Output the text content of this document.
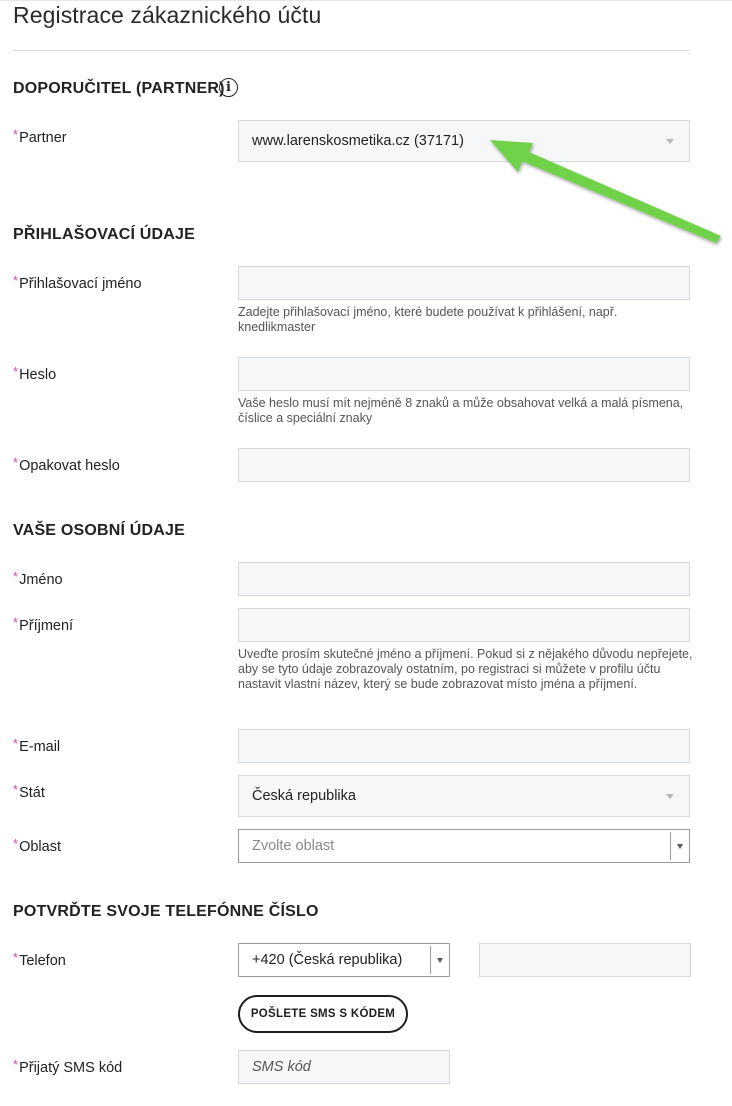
Registrace zákaznického účtu
DOPORUČITEL (PARTNER) i
*Partner	www.larenskosmetika.cz (37171)
PŘIHLAŠOVACÍ ÚDAJE
*Přihlašovací jméno
Zadejte přihlašovací jméno, které budete používat k přihlášení, např. knedlikmaster
*Heslo
Vaše heslo musí mít nejméně 8 znaků a může obsahovat velká a malá písmena, číslice a speciální znaky
*Opakovat heslo
VAŠE OSOBNÍ ÚDAJE
*Jméno
*Příjmení
Uveďte prosím skutečné jméno a příjmení. Pokud si z nějakého důvodu nepřejete, aby se tyto údaje zobrazovaly ostatním, po registraci si můžete v profilu účtu nastavit vlastní název, který se bude zobrazovat místo jména a příjmení.
*E-mail
*Stát	Česká republika
*Oblast	Zvolte oblast
POTVRĎTE SVOJE TELEFÓNNE ČÍSLO
*Telefon	+420 (Česká republika)
POŠLETE SMS S KÓDEM
*Přijatý SMS kód	SMS kód
